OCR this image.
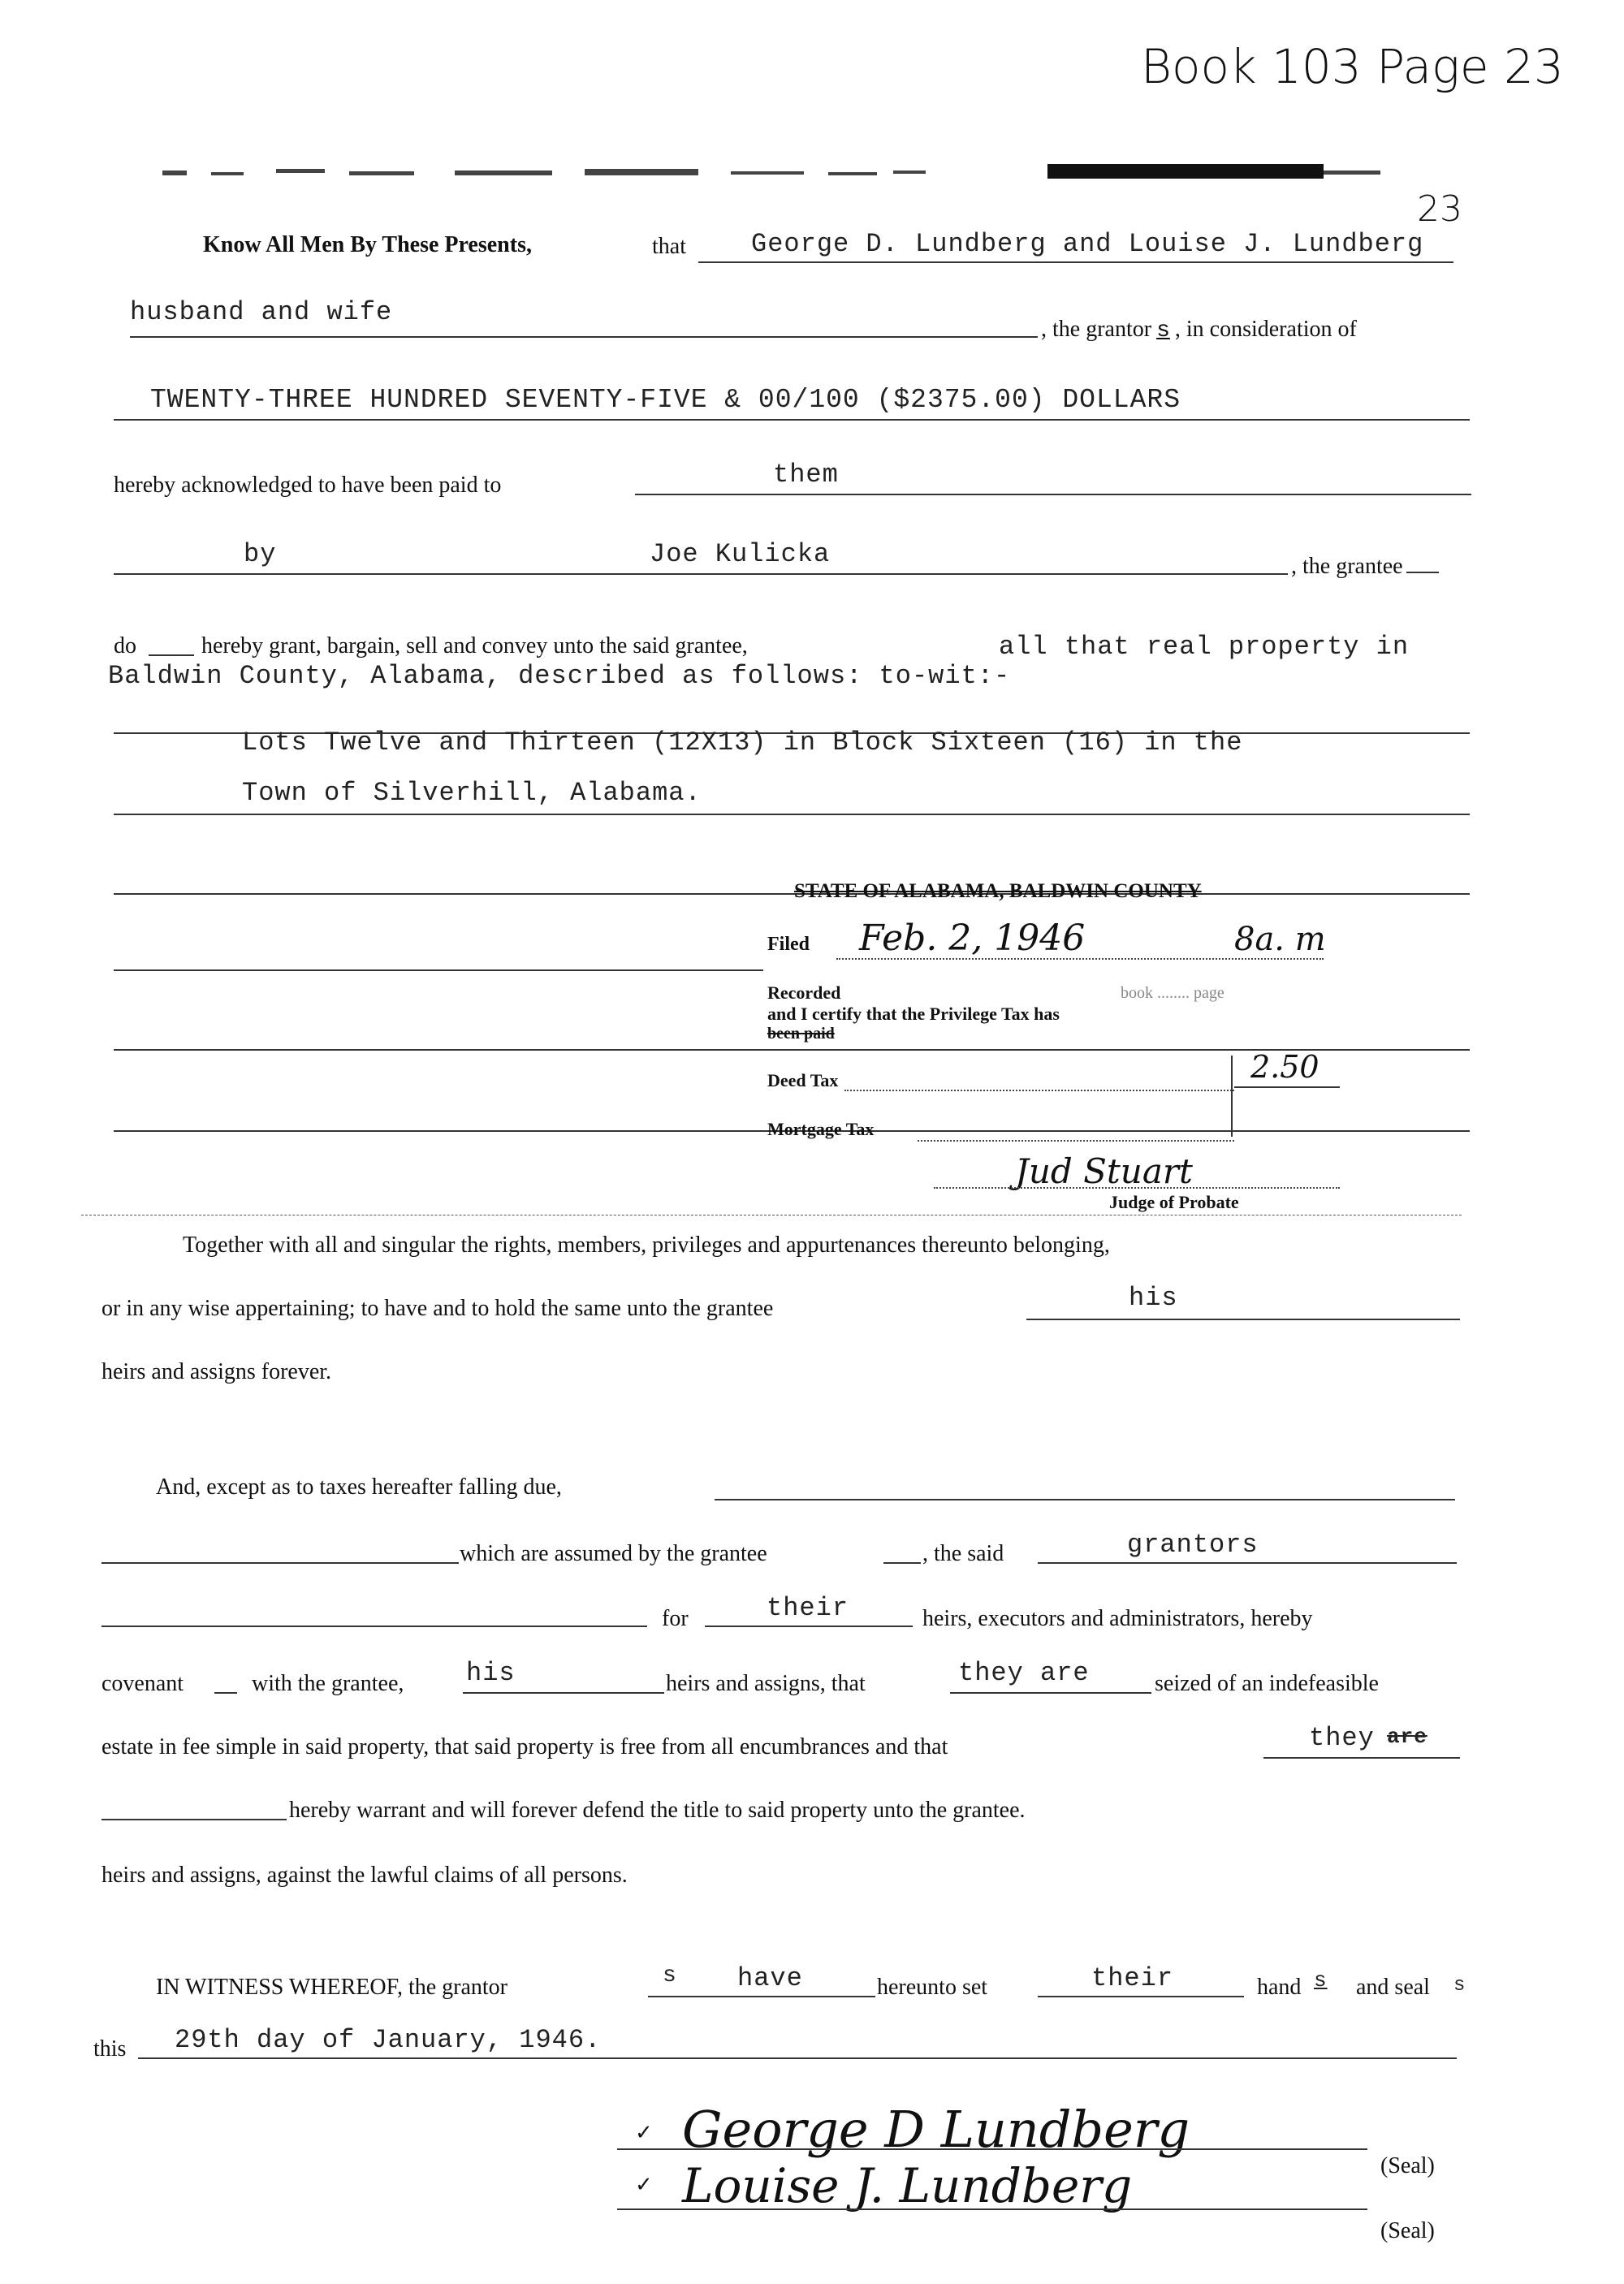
Book 103 Page 23
23
Know All Men By These Presents,	that	George D. Lundberg and Louise J. Lundberg
husband and wife
, the grantor s , in consideration of
TWENTY-THREE HUNDRED SEVENTY-FIVE & 00/100 ($2375.00) DOLLARS
hereby acknowledged to have been paid to	them
by	Joe Kulicka	, the grantee
do	hereby grant, bargain, sell and convey unto the said grantee,	all that real property in
Baldwin County, Alabama, described as follows: to-wit:-
Lots Twelve and Thirteen (12X13) in Block Sixteen (16) in the
Town of Silverhill, Alabama.
STATE OF ALABAMA, BALDWIN COUNTY
Filed Feb. 2, 1946	8a. m
Recorded	book ........ page
and I certify that the Privilege Tax has
been paid
Deed Tax	2.50
Mortgage Tax
Jud Stuart
Judge of Probate
Together with all and singular the rights, members, privileges and appurtenances thereunto belonging,
or in any wise appertaining; to have and to hold the same unto the grantee	his
heirs and assigns forever.
And, except as to taxes hereafter falling due,
which are assumed by the grantee	, the said	grantors
for	their	heirs, executors and administrators, hereby
covenant	with the grantee, his	heirs and assigns, that	they are	seized of an indefeasible
estate in fee simple in said property, that said property is free from all encumbrances and that	they are
hereby warrant and will forever defend the title to said property unto the grantee.
heirs and assigns, against the lawful claims of all persons.
IN WITNESS WHEREOF, the grantor	s have	hereunto set	their	hand s and seal s
this 29th day of January, 1946.
✓ George D Lundberg
(Seal)
✓ Louise J. Lundberg
(Seal)
